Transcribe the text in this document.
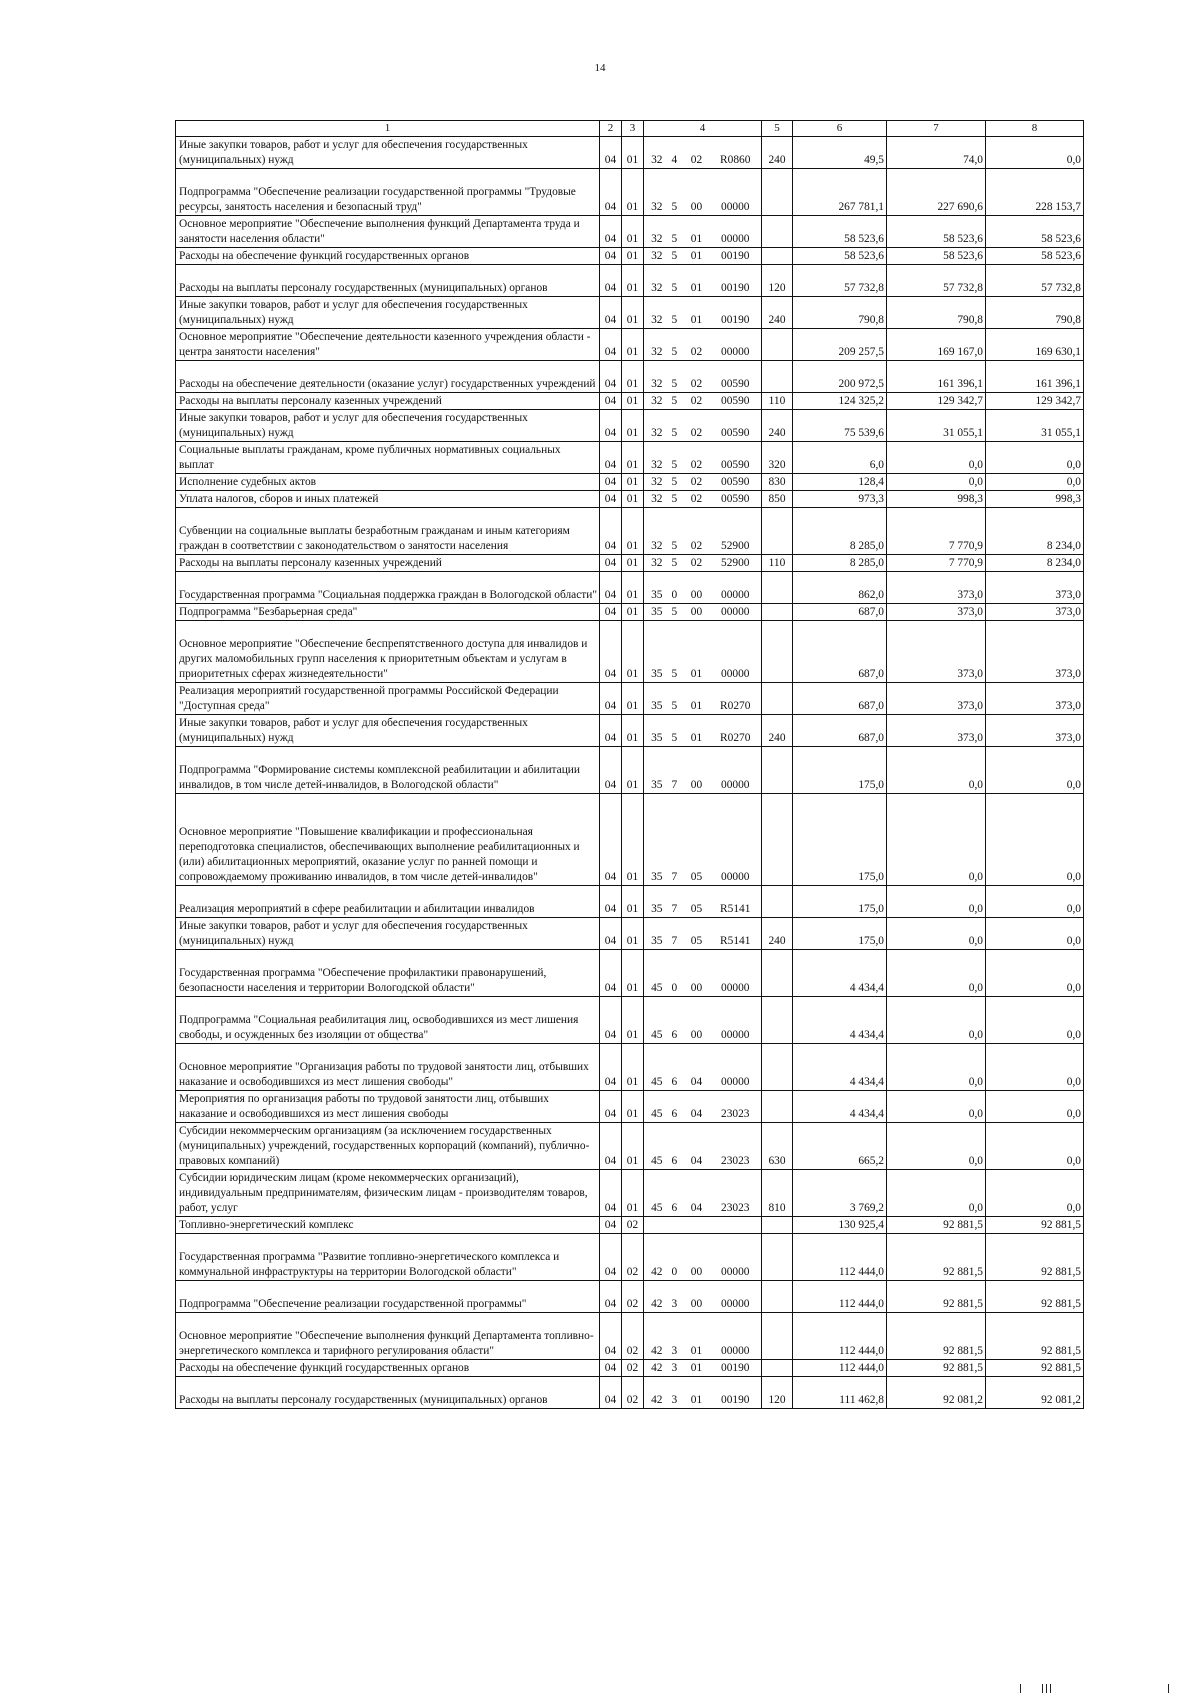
14
1	2	3	4				5	6	7	8
Иные закупки товаров, работ и услуг для обеспечения государственных (муниципальных) нужд	04	01	32	4	02	R0860	240	49,5	74,0	0,0
Подпрограмма "Обеспечение реализации государственной программы "Трудовые ресурсы, занятость населения и безопасный труд"	04	01	32	5	00	00000		267 781,1	227 690,6	228 153,7
Основное мероприятие "Обеспечение выполнения функций Департамента труда и занятости населения области"	04	01	32	5	01	00000		58 523,6	58 523,6	58 523,6
Расходы на обеспечение функций государственных органов	04	01	32	5	01	00190		58 523,6	58 523,6	58 523,6
Расходы на выплаты персоналу государственных (муниципальных) органов	04	01	32	5	01	00190	120	57 732,8	57 732,8	57 732,8
Иные закупки товаров, работ и услуг для обеспечения государственных (муниципальных) нужд	04	01	32	5	01	00190	240	790,8	790,8	790,8
Основное мероприятие "Обеспечение деятельности казенного учреждения области - центра занятости населения"	04	01	32	5	02	00000		209 257,5	169 167,0	169 630,1
Расходы на обеспечение деятельности (оказание услуг) государственных учреждений	04	01	32	5	02	00590		200 972,5	161 396,1	161 396,1
Расходы на выплаты персоналу казенных учреждений	04	01	32	5	02	00590	110	124 325,2	129 342,7	129 342,7
Иные закупки товаров, работ и услуг для обеспечения государственных (муниципальных) нужд	04	01	32	5	02	00590	240	75 539,6	31 055,1	31 055,1
Социальные выплаты гражданам, кроме публичных нормативных социальных выплат	04	01	32	5	02	00590	320	6,0	0,0	0,0
Исполнение судебных актов	04	01	32	5	02	00590	830	128,4	0,0	0,0
Уплата налогов, сборов и иных платежей	04	01	32	5	02	00590	850	973,3	998,3	998,3
Субвенции на социальные выплаты безработным гражданам и иным категориям граждан в соответствии с законодательством о занятости населения	04	01	32	5	02	52900		8 285,0	7 770,9	8 234,0
Расходы на выплаты персоналу казенных учреждений	04	01	32	5	02	52900	110	8 285,0	7 770,9	8 234,0
Государственная программа "Социальная поддержка граждан в Вологодской области"	04	01	35	0	00	00000		862,0	373,0	373,0
Подпрограмма "Безбарьерная среда"	04	01	35	5	00	00000		687,0	373,0	373,0
Основное мероприятие "Обеспечение беспрепятственного доступа для инвалидов и других маломобильных групп населения к приоритетным объектам и услугам в приоритетных сферах жизнедеятельности"	04	01	35	5	01	00000		687,0	373,0	373,0
Реализация мероприятий государственной программы Российской Федерации "Доступная среда"	04	01	35	5	01	R0270		687,0	373,0	373,0
Иные закупки товаров, работ и услуг для обеспечения государственных (муниципальных) нужд	04	01	35	5	01	R0270	240	687,0	373,0	373,0
Подпрограмма "Формирование системы комплексной реабилитации и абилитации инвалидов, в том числе детей-инвалидов, в Вологодской области"	04	01	35	7	00	00000		175,0	0,0	0,0
Основное мероприятие "Повышение квалификации и профессиональная переподготовка специалистов, обеспечивающих выполнение реабилитационных и (или) абилитационных мероприятий, оказание услуг по ранней помощи и сопровождаемому проживанию инвалидов, в том числе детей-инвалидов"	04	01	35	7	05	00000		175,0	0,0	0,0
Реализация мероприятий в сфере реабилитации и абилитации инвалидов	04	01	35	7	05	R5141		175,0	0,0	0,0
Иные закупки товаров, работ и услуг для обеспечения государственных (муниципальных) нужд	04	01	35	7	05	R5141	240	175,0	0,0	0,0
Государственная программа "Обеспечение профилактики правонарушений, безопасности населения и территории Вологодской области"	04	01	45	0	00	00000		4 434,4	0,0	0,0
Подпрограмма "Социальная реабилитация лиц, освободившихся из мест лишения свободы, и осужденных без изоляции от общества"	04	01	45	6	00	00000		4 434,4	0,0	0,0
Основное мероприятие "Организация работы по трудовой занятости лиц, отбывших наказание и освободившихся из мест лишения свободы"	04	01	45	6	04	00000		4 434,4	0,0	0,0
Мероприятия по организация работы по трудовой занятости лиц, отбывших наказание и освободившихся из мест лишения свободы	04	01	45	6	04	23023		4 434,4	0,0	0,0
Субсидии некоммерческим организациям (за исключением государственных (муниципальных) учреждений, государственных корпораций (компаний), публично-правовых компаний)	04	01	45	6	04	23023	630	665,2	0,0	0,0
Субсидии юридическим лицам (кроме некоммерческих организаций), индивидуальным предпринимателям, физическим лицам - производителям товаров, работ, услуг	04	01	45	6	04	23023	810	3 769,2	0,0	0,0
Топливно-энергетический комплекс	04	02						130 925,4	92 881,5	92 881,5
Государственная программа "Развитие топливно-энергетического комплекса и коммунальной инфраструктуры на территории Вологодской области"	04	02	42	0	00	00000		112 444,0	92 881,5	92 881,5
Подпрограмма "Обеспечение реализации государственной программы"	04	02	42	3	00	00000		112 444,0	92 881,5	92 881,5
Основное мероприятие "Обеспечение выполнения функций Департамента топливно-энергетического комплекса и тарифного регулирования области"	04	02	42	3	01	00000		112 444,0	92 881,5	92 881,5
Расходы на обеспечение функций государственных органов	04	02	42	3	01	00190		112 444,0	92 881,5	92 881,5
Расходы на выплаты персоналу государственных (муниципальных) органов	04	02	42	3	01	00190	120	111 462,8	92 081,2	92 081,2
